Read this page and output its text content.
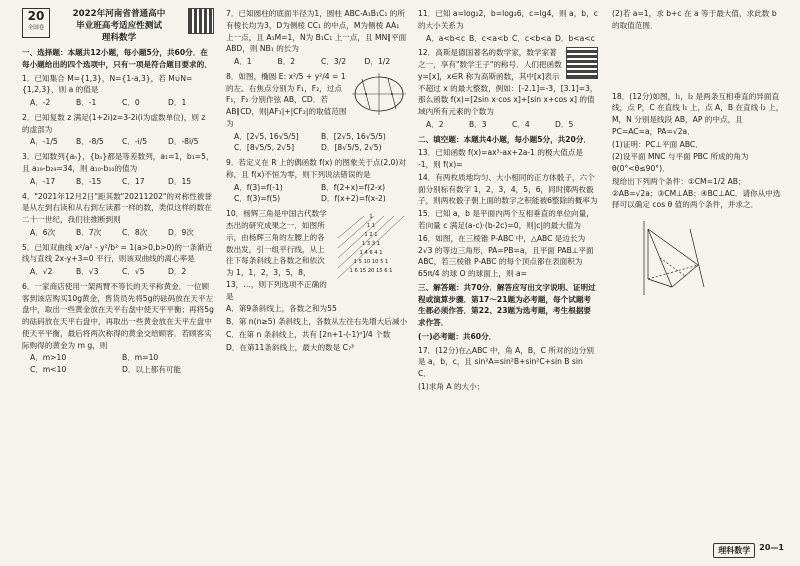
20
全国卷
2022年河南省普通高中
毕业班高考适应性测试
理科数学
一、选择题：本题共12小题，每小题5分，共60分．在每小题给出的四个选项中，只有一项是符合题目要求的．
1．已知集合 M={1,3}，N={1-a,3}，若 M∪N={1,2,3}，则 a 的值是
A．-2	B．-1	C．0	D．1
2．已知复数 z 满足(1+2i)z=3-2i(i为虚数单位)，则 z 的虚部为
A．-1/5	B．-8/5	C．-i/5	D．-8i/5
3．已知数列{aₙ}，{bₙ}都是等差数列，a₁=1，b₁=5，且 a₁₉-b₂₉=34，则 a₁₀-b₁₀的值为
A．-17	B．-15	C．17	D．15
4．"2021年12月2日"距其数"20211202"的对称性被誉是从左到右读和从右到左读都一样的数，类似这样的数在二十一世纪，我们往推断到则
A．6次	B．7次	C．8次	D．9次
5．已知双曲线 x²/a² - y²/b² = 1(a>0,b>0)的一条渐近线与直线 2x-y+3=0 平行，则该双曲线的离心率是
A．√2	B．√3	C．√5	D．2
6．一家商店使用一架两臂不等长的天平称黄金．一位顾客到该店购买10g黄金，售货员先将5g的砝码放在天平左盘中，取出一些黄金放在天平右盘中使天平平衡；再将5g的砝码放在天平右盘中，再取出一些黄金放在天平左盘中使天平平衡，最后将两次称得的黄金交给顾客．若顾客实际购得的黄金为 m g，则
A．m>10	B．m=10
C．m<10	D．以上都有可能
7．已知圆柱的底面半径为1，圆柱 ABC-A₁B₁C₁ 的所有棱长均为3，D为侧棱 CC₁ 的中点，M为侧棱 AA₁ 上一点，且 A₁M=1，N为 B₁C₁ 上一点，且 MN∥平面 ABD，则 NB₁ 的长为
A．1	B．2	C．3/2	D．1/2
8．如图，椭圆 E: x²/5 + y²/4 = 1 的左、右焦点分别为 F₁，F₂，过点 F₁，F₂ 分别作弦 AB，CD．若 AB∥CD，则|AF₁|+|CF₂|的取值范围为
A．[2√5, 16√5/5]	B．[2√5, 16√5/5)
C．[8√5/5, 2√5]	D．[8√5/5, 2√5)
9．若定义在 R 上的偶函数 f(x) 的图象关于点(2,0)对称，且 f(x)不恒为零，则下列说法错误的是
A．f(3)=f(-1)	B．f(2+x)=f(2-x)
C．f(3)=f(5)	D．f(x+2)=f(x-2)
1
1 1
1 2 1
1 3 3 1
1 4 6 4 1
1 5 10 10 5 1
1 6 15 20 15 6 1
10．杨辉三角是中国古代数学杰出的研究成果之一．如图所示，由杨辉三角的左腰上的各数出发，引一组平行线，从上往下每条斜线上各数之和依次为 1，1，2，3，5，8，13，…，则下列选项不正确的是
A．第9条斜线上，各数之和为55
B．第 n(n≥5) 条斜线上，各数从左往右先增大后减小
C．在第 n 条斜线上，共有 [2n+1-(-1)ⁿ]/4 个数
D．在第11条斜线上，最大的数是 C₇³
11．已知 a=log₂2，b=log₃6，c=lg4，则 a，b，c 的大小关系为
A．a<b<c B．c<a<b C．c<b<a D．b<a<c
12．高斯是德国著名的数学家，数学家著之一，享有"数学王子"的称号．人们把函数 y=[x]，x∈R 称为高斯函数，其中[x]表示不超过 x 的最大整数，例如：[-2.1]=-3，[3.1]=3，那么函数 f(x)=[2sin x·cos x]+[sin x+cos x] 的值域内所有元素的个数为
A．2	B．3	C．4	D．5
二、填空题：本题共4小题，每小题5分，共20分．
13．已知函数 f(x)=ax³-ax+2a-1 的极大值点是 -1，则 f(x)=
14．有两枚质地均匀、大小相同的正方体骰子，六个面分别标有数字 1，2，3，4，5，6，同时掷两枚骰子，则两枚骰子朝上面的数字之积能被6整除的概率为
15．已知 a，b 是平面内两个互相垂直的单位向量，若向量 c 满足(a-c)·(b-2c)=0，则|c|的最大值为
16．如图，在三棱锥 P-ABC 中，△ABC 是边长为 2√3 的等边三角形，PA=PB=a，且平面 PAB⊥平面 ABC，若三棱锥 P-ABC 的每个顶点都在表面积为 65π/4 的球 O 的球面上，则 a=
三、解答题：共70分．解答应写出文字说明、证明过程或演算步骤．第17～21题为必考题，每个试题考生都必须作答．第22、23题为选考题，考生根据要求作答．
(一)必考题：共60分．
17．(12分)在△ABC 中，角 A，B，C 所对的边分别是 a，b，c，且 sin²A=sin²B+sin²C+sin B sin C．
(1)求角 A 的大小；
(2)若 a=1，求 b+c 在 a 等于最大值，求此数 b 的取值范围．
18．(12分)如图，l₁，l₂ 是两条互相垂直的异面直线，点 P，C 在直线 l₁ 上，点 A，B 在直线 l₂ 上，M，N 分别是线段 AB，AP 的中点，且 PC=AC=a，PA=√2a．
(1)证明：PC⊥平面 ABC．
(2)设平面 MNC 与平面 PBC 所成的角为 θ(0°<θ≤90°)．
现给出下列两个条件：①CM=1/2 AB；②AB=√2a；③CM⊥AB；④BC⊥AC．请你从中选择可以确定 cos θ 值的两个条件，并求之．
理科数学	20—1
